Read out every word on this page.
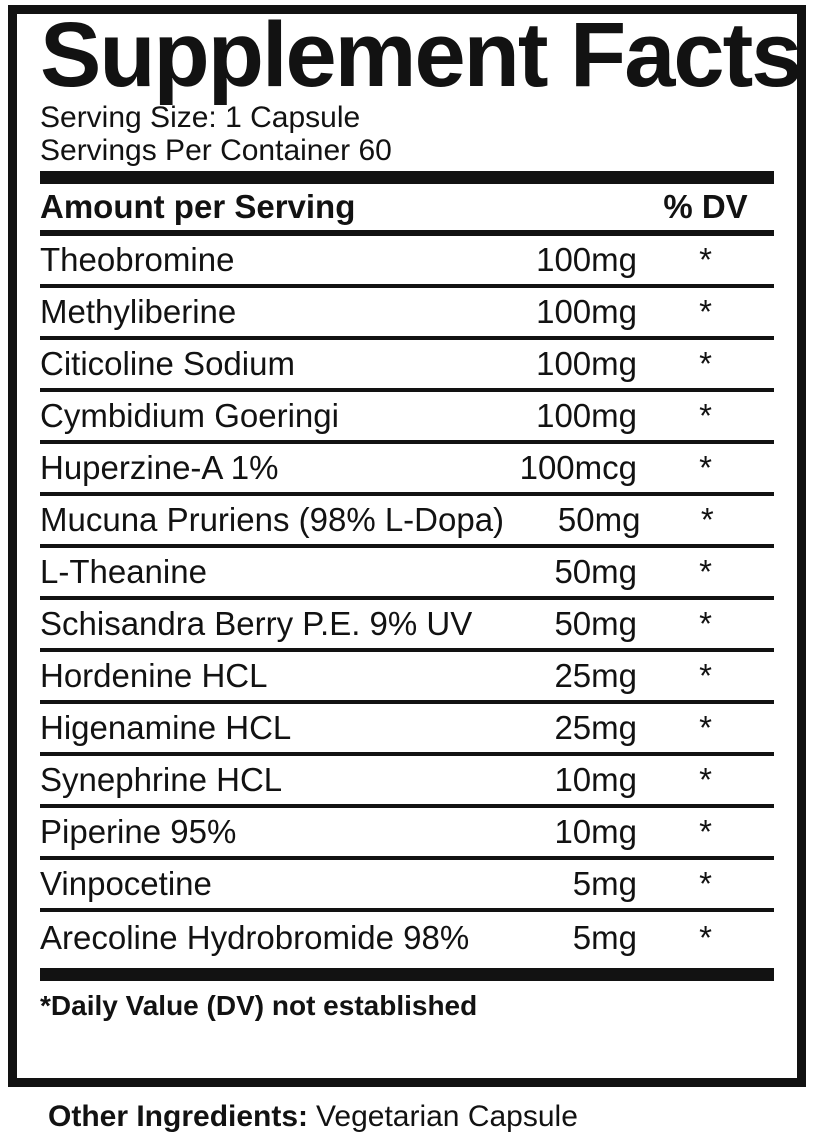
Supplement Facts
Serving Size: 1 Capsule
Servings Per Container 60
Amount per Serving	% DV
Theobromine	100mg	*
Methyliberine	100mg	*
Citicoline Sodium	100mg	*
Cymbidium Goeringi	100mg	*
Huperzine-A 1%	100mcg	*
Mucuna Pruriens (98% L-Dopa)	50mg	*
L-Theanine	50mg	*
Schisandra Berry P.E. 9% UV	50mg	*
Hordenine HCL	25mg	*
Higenamine HCL	25mg	*
Synephrine HCL	10mg	*
Piperine 95%	10mg	*
Vinpocetine	5mg	*
Arecoline Hydrobromide 98%	5mg	*
*Daily Value (DV) not established
Other Ingredients: Vegetarian Capsule
